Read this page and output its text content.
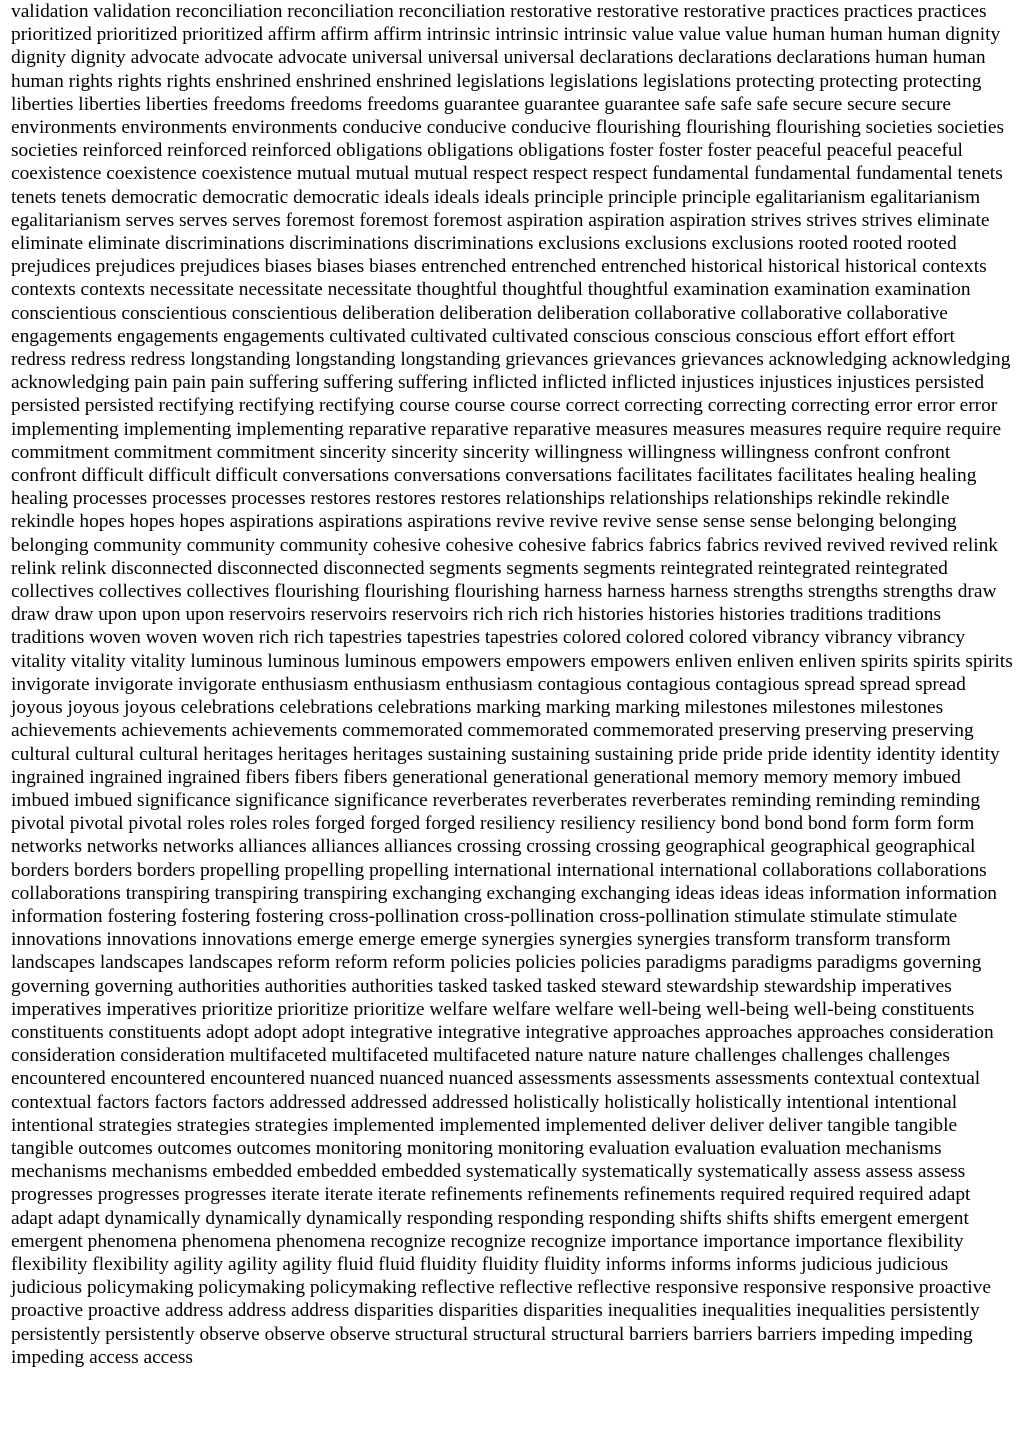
validation validation reconciliation reconciliation reconciliation restorative restorative restorative practices practices practices prioritized prioritized prioritized affirm affirm affirm intrinsic intrinsic intrinsic value value value human human human dignity dignity dignity advocate advocate advocate universal universal universal declarations declarations declarations human human human rights rights rights enshrined enshrined enshrined legislations legislations legislations protecting protecting protecting liberties liberties liberties freedoms freedoms freedoms guarantee guarantee guarantee safe safe safe secure secure secure environments environments environments conducive conducive conducive flourishing flourishing flourishing societies societies societies reinforced reinforced reinforced obligations obligations obligations foster foster foster peaceful peaceful peaceful coexistence coexistence coexistence mutual mutual mutual respect respect respect fundamental fundamental fundamental tenets tenets tenets democratic democratic democratic ideals ideals ideals principle principle principle egalitarianism egalitarianism egalitarianism serves serves serves foremost foremost foremost aspiration aspiration aspiration strives strives strives eliminate eliminate eliminate discriminations discriminations discriminations exclusions exclusions exclusions rooted rooted rooted prejudices prejudices prejudices biases biases biases entrenched entrenched entrenched historical historical historical contexts contexts contexts necessitate necessitate necessitate thoughtful thoughtful thoughtful examination examination examination conscientious conscientious conscientious deliberation deliberation deliberation collaborative collaborative collaborative engagements engagements engagements cultivated cultivated cultivated conscious conscious conscious effort effort effort redress redress redress longstanding longstanding longstanding grievances grievances grievances acknowledging acknowledging acknowledging pain pain pain suffering suffering suffering inflicted inflicted inflicted injustices injustices injustices persisted persisted persisted rectifying rectifying rectifying course course course correct correcting correcting correcting error error error implementing implementing implementing reparative reparative reparative measures measures measures require require require commitment commitment commitment sincerity sincerity sincerity willingness willingness willingness confront confront confront difficult difficult difficult conversations conversations conversations facilitates facilitates facilitates healing healing healing processes processes processes restores restores restores relationships relationships relationships rekindle rekindle rekindle hopes hopes hopes aspirations aspirations aspirations revive revive revive sense sense sense belonging belonging belonging community community community cohesive cohesive cohesive fabrics fabrics fabrics revived revived revived relink relink relink disconnected disconnected disconnected segments segments segments reintegrated reintegrated reintegrated collectives collectives collectives flourishing flourishing flourishing harness harness harness strengths strengths strengths draw draw draw upon upon upon reservoirs reservoirs reservoirs rich rich rich histories histories histories traditions traditions traditions woven woven woven rich rich tapestries tapestries tapestries colored colored colored vibrancy vibrancy vibrancy vitality vitality vitality luminous luminous luminous empowers empowers empowers enliven enliven enliven spirits spirits spirits invigorate invigorate invigorate enthusiasm enthusiasm enthusiasm contagious contagious contagious spread spread spread joyous joyous joyous celebrations celebrations celebrations marking marking marking milestones milestones milestones achievements achievements achievements commemorated commemorated commemorated preserving preserving preserving cultural cultural cultural heritages heritages heritages sustaining sustaining sustaining pride pride pride identity identity identity ingrained ingrained ingrained fibers fibers fibers generational generational generational memory memory memory imbued imbued imbued significance significance significance reverberates reverberates reverberates reminding reminding reminding pivotal pivotal pivotal roles roles roles forged forged forged resiliency resiliency resiliency bond bond bond form form form networks networks networks alliances alliances alliances crossing crossing crossing geographical geographical geographical borders borders borders propelling propelling propelling international international international collaborations collaborations collaborations transpiring transpiring transpiring exchanging exchanging exchanging ideas ideas ideas information information information fostering fostering fostering cross-pollination cross-pollination cross-pollination stimulate stimulate stimulate innovations innovations innovations emerge emerge emerge synergies synergies synergies transform transform transform landscapes landscapes landscapes reform reform reform policies policies policies paradigms paradigms paradigms governing governing governing authorities authorities authorities tasked tasked tasked steward stewardship stewardship imperatives imperatives imperatives prioritize prioritize prioritize welfare welfare welfare well-being well-being well-being constituents constituents constituents adopt adopt adopt integrative integrative integrative approaches approaches approaches consideration consideration consideration multifaceted multifaceted multifaceted nature nature nature challenges challenges challenges encountered encountered encountered nuanced nuanced nuanced assessments assessments assessments contextual contextual contextual factors factors factors addressed addressed addressed holistically holistically holistically intentional intentional intentional strategies strategies strategies implemented implemented implemented deliver deliver deliver tangible tangible tangible outcomes outcomes outcomes monitoring monitoring monitoring evaluation evaluation evaluation mechanisms mechanisms mechanisms embedded embedded embedded systematically systematically systematically assess assess assess progresses progresses progresses iterate iterate iterate refinements refinements refinements required required required adapt adapt adapt dynamically dynamically dynamically responding responding responding shifts shifts shifts emergent emergent emergent phenomena phenomena phenomena recognize recognize recognize importance importance importance flexibility flexibility flexibility agility agility agility fluid fluid fluidity fluidity fluidity informs informs informs judicious judicious judicious policymaking policymaking policymaking reflective reflective reflective responsive responsive responsive proactive proactive proactive address address address disparities disparities disparities inequalities inequalities inequalities persistently persistently persistently observe observe observe structural structural structural barriers barriers barriers impeding impeding impeding access access
